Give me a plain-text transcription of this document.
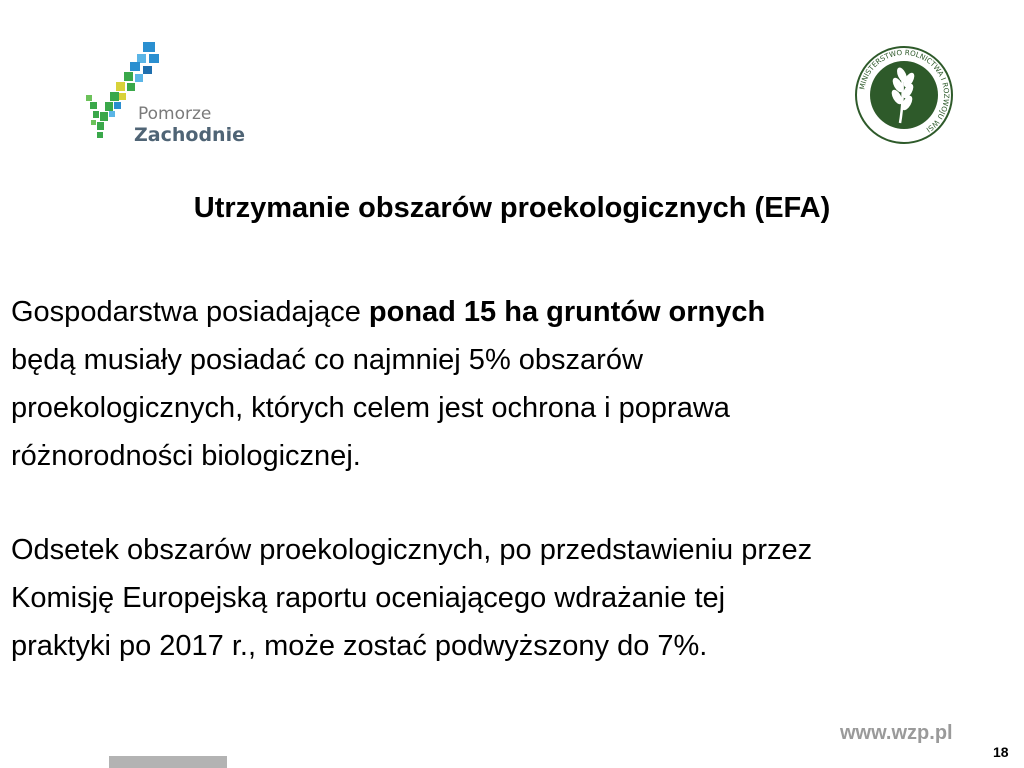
Pomorze
Zachodnie
MINISTERSTWO ROLNICTWA I ROZWOJU WSI
Utrzymanie obszarów proekologicznych (EFA)
Gospodarstwa posiadające ponad 15 ha gruntów ornych
będą musiały posiadać co najmniej 5% obszarów
proekologicznych, których celem jest ochrona i poprawa
różnorodności biologicznej.
Odsetek obszarów proekologicznych, po przedstawieniu przez
Komisję Europejską raportu oceniającego wdrażanie tej
praktyki po 2017 r., może zostać podwyższony do 7%.
www.wzp.pl
18
